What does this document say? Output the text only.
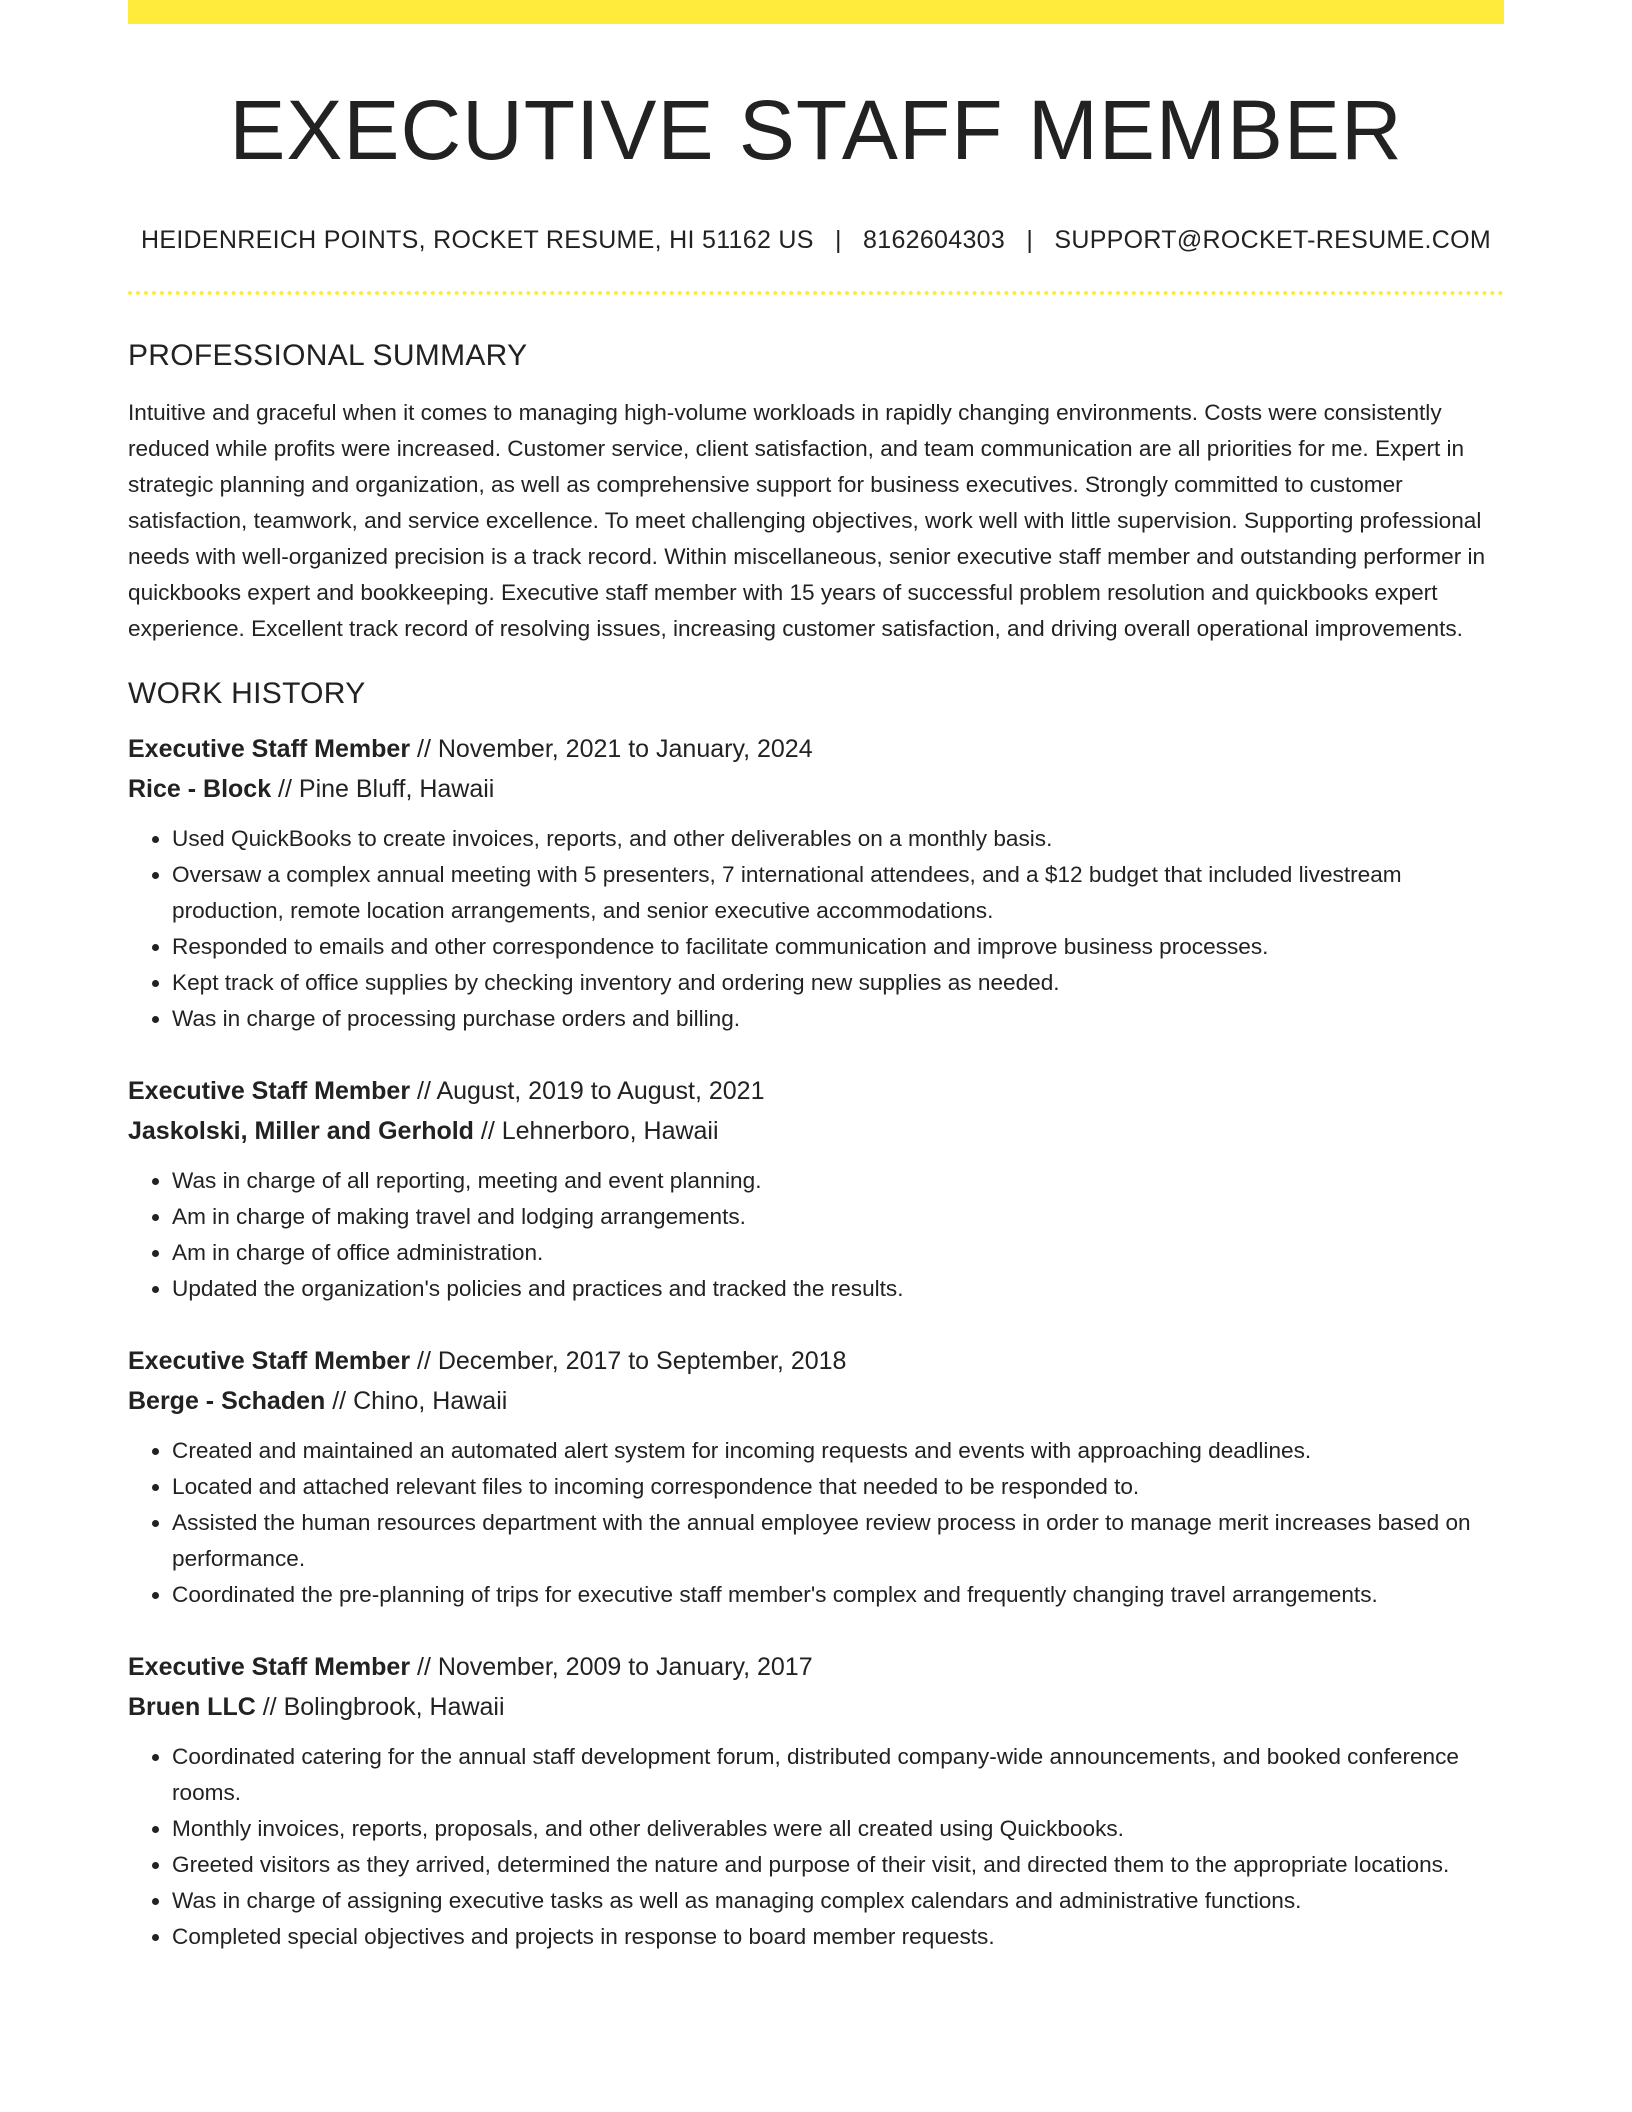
EXECUTIVE STAFF MEMBER
HEIDENREICH POINTS, ROCKET RESUME, HI 51162 US | 8162604303 | SUPPORT@ROCKET-RESUME.COM
PROFESSIONAL SUMMARY

Intuitive and graceful when it comes to managing high-volume workloads in rapidly changing environments. Costs were consistently reduced while profits were increased. Customer service, client satisfaction, and team communication are all priorities for me. Expert in strategic planning and organization, as well as comprehensive support for business executives. Strongly committed to customer satisfaction, teamwork, and service excellence. To meet challenging objectives, work well with little supervision. Supporting professional needs with well-organized precision is a track record. Within miscellaneous, senior executive staff member and outstanding performer in quickbooks expert and bookkeeping. Executive staff member with 15 years of successful problem resolution and quickbooks expert experience. Excellent track record of resolving issues, increasing customer satisfaction, and driving overall operational improvements.

WORK HISTORY
Executive Staff Member // November, 2021 to January, 2024
Rice - Block // Pine Bluff, Hawaii
• Used QuickBooks to create invoices, reports, and other deliverables on a monthly basis.
• Oversaw a complex annual meeting with 5 presenters, 7 international attendees, and a $12 budget that included livestream production, remote location arrangements, and senior executive accommodations.
• Responded to emails and other correspondence to facilitate communication and improve business processes.
• Kept track of office supplies by checking inventory and ordering new supplies as needed.
• Was in charge of processing purchase orders and billing.
Executive Staff Member // August, 2019 to August, 2021
Jaskolski, Miller and Gerhold // Lehnerboro, Hawaii
• Was in charge of all reporting, meeting and event planning.
• Am in charge of making travel and lodging arrangements.
• Am in charge of office administration.
• Updated the organization's policies and practices and tracked the results.
Executive Staff Member // December, 2017 to September, 2018
Berge - Schaden // Chino, Hawaii
• Created and maintained an automated alert system for incoming requests and events with approaching deadlines.
• Located and attached relevant files to incoming correspondence that needed to be responded to.
• Assisted the human resources department with the annual employee review process in order to manage merit increases based on performance.
• Coordinated the pre-planning of trips for executive staff member's complex and frequently changing travel arrangements.
Executive Staff Member // November, 2009 to January, 2017
Bruen LLC // Bolingbrook, Hawaii
• Coordinated catering for the annual staff development forum, distributed company-wide announcements, and booked conference rooms.
• Monthly invoices, reports, proposals, and other deliverables were all created using Quickbooks.
• Greeted visitors as they arrived, determined the nature and purpose of their visit, and directed them to the appropriate locations.
• Was in charge of assigning executive tasks as well as managing complex calendars and administrative functions.
• Completed special objectives and projects in response to board member requests.
